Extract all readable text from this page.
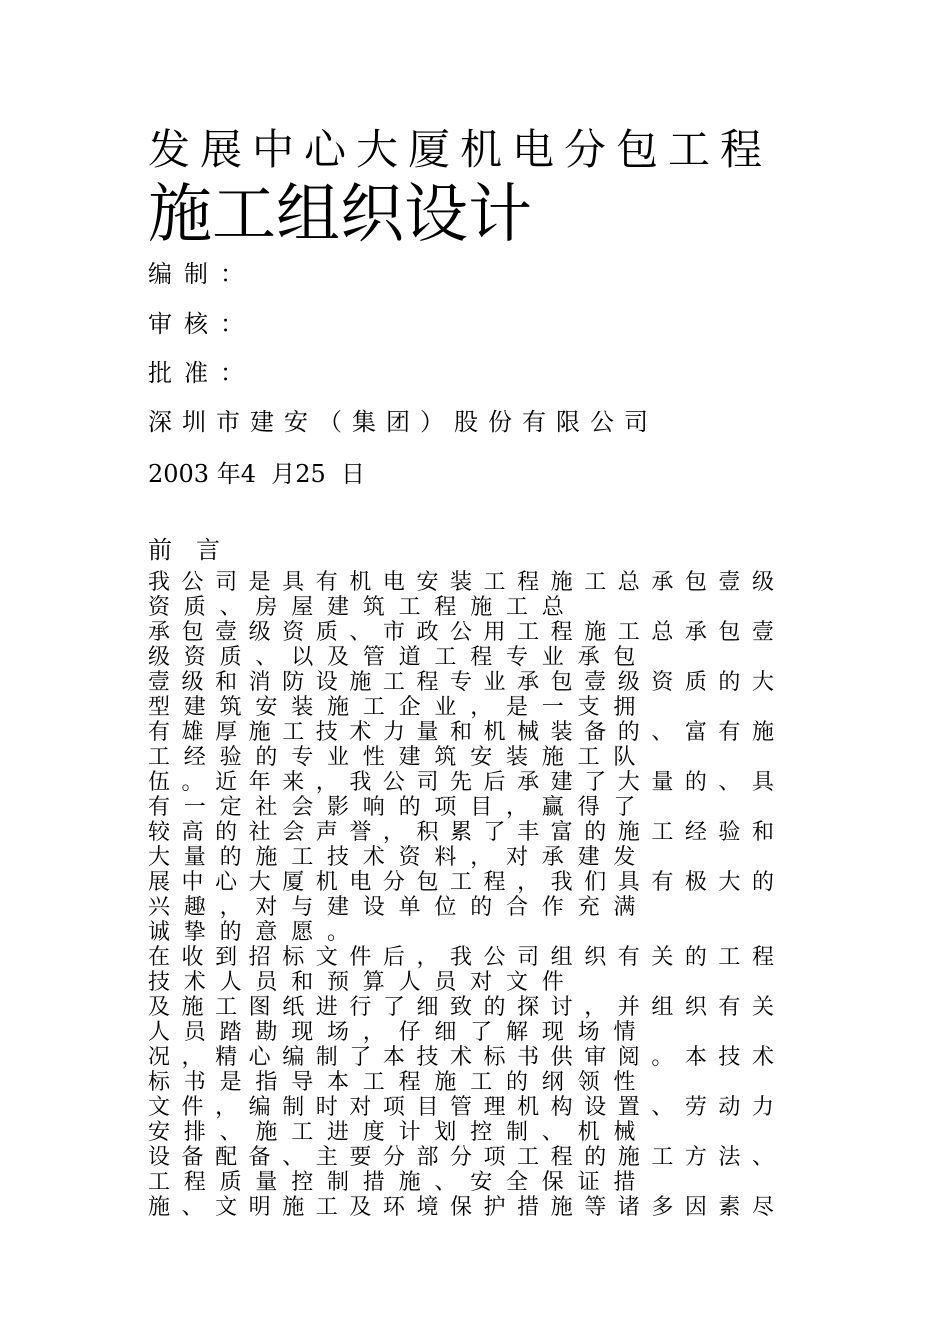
发展中心大厦机电分包工程
施工组织设计
编制：
审核：
批准：
深圳市建安（集团）股份有限公司
2003 年4  月25  日
前言
我公司是具有机电安装工程施工总承包壹级
资质、房屋建筑工程施工总
承包壹级资质、市政公用工程施工总承包壹
级资质、以及管道工程专业承包
壹级和消防设施工程专业承包壹级资质的大
型建筑安装施工企业，是一支拥
有雄厚施工技术力量和机械装备的、富有施
工经验的专业性建筑安装施工队
伍。近年来，我公司先后承建了大量的、具
有一定社会影响的项目，赢得了
较高的社会声誉，积累了丰富的施工经验和
大量的施工技术资料，对承建发
展中心大厦机电分包工程，我们具有极大的
兴趣，对与建设单位的合作充满
诚挚的意愿。
在收到招标文件后，我公司组织有关的工程
技术人员和预算人员对文件
及施工图纸进行了细致的探讨，并组织有关
人员踏勘现场，仔细了解现场情
况，精心编制了本技术标书供审阅。本技术
标书是指导本工程施工的纲领性
文件，编制时对项目管理机构设置、劳动力
安排、施工进度计划控制、机械
设备配备、主要分部分项工程的施工方法、
工程质量控制措施、安全保证措
施、文明施工及环境保护措施等诸多因素尽
